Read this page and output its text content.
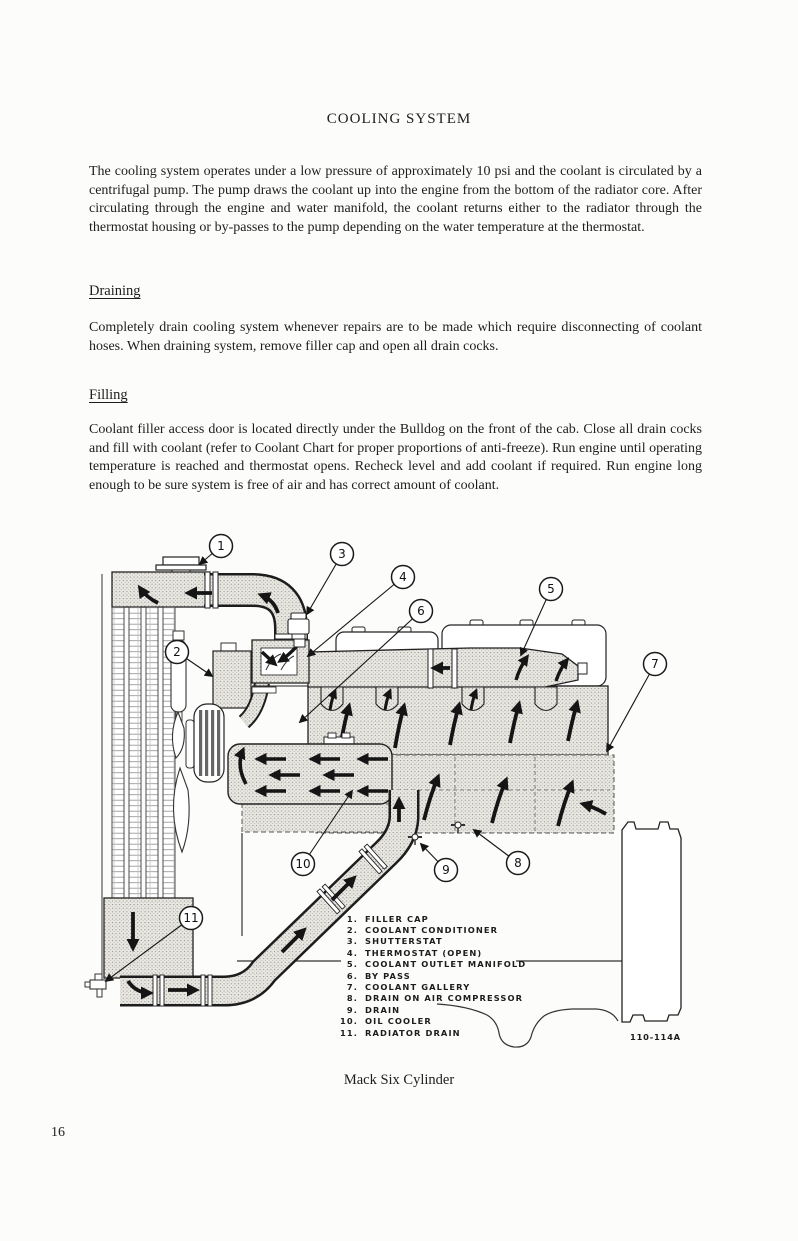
COOLING SYSTEM

The cooling system operates under a low pressure of approximately 10 psi and the coolant is circulated by a centrifugal pump. The pump draws the coolant up into the engine from the bottom of the radiator core. After circulating through the engine and water manifold, the coolant returns either to the radiator through the thermostat housing or by-passes to the pump depending on the water temperature at the thermostat.

Draining

Completely drain cooling system whenever repairs are to be made which require disconnecting of coolant hoses. When draining system, remove filler cap and open all drain cocks.

Filling

Coolant filler access door is located directly under the Bulldog on the front of the cab. Close all drain cocks and fill with coolant (refer to Coolant Chart for proper proportions of anti-freeze). Run engine until operating temperature is reached and thermostat opens. Recheck level and add coolant if required. Run engine long enough to be sure system is free of air and has correct amount of coolant.

1
2
3
4
5
6
7
8
9
10
11	1. FILLER CAP
2. COOLANT CONDITIONER
3. SHUTTERSTAT
4. THERMOSTAT (OPEN)
5. COOLANT OUTLET MANIFOLD
6. BY PASS
7. COOLANT GALLERY
8. DRAIN ON AIR COMPRESSOR
9. DRAIN
10. OIL COOLER
11. RADIATOR DRAIN	110-114A
Mack Six Cylinder
16
